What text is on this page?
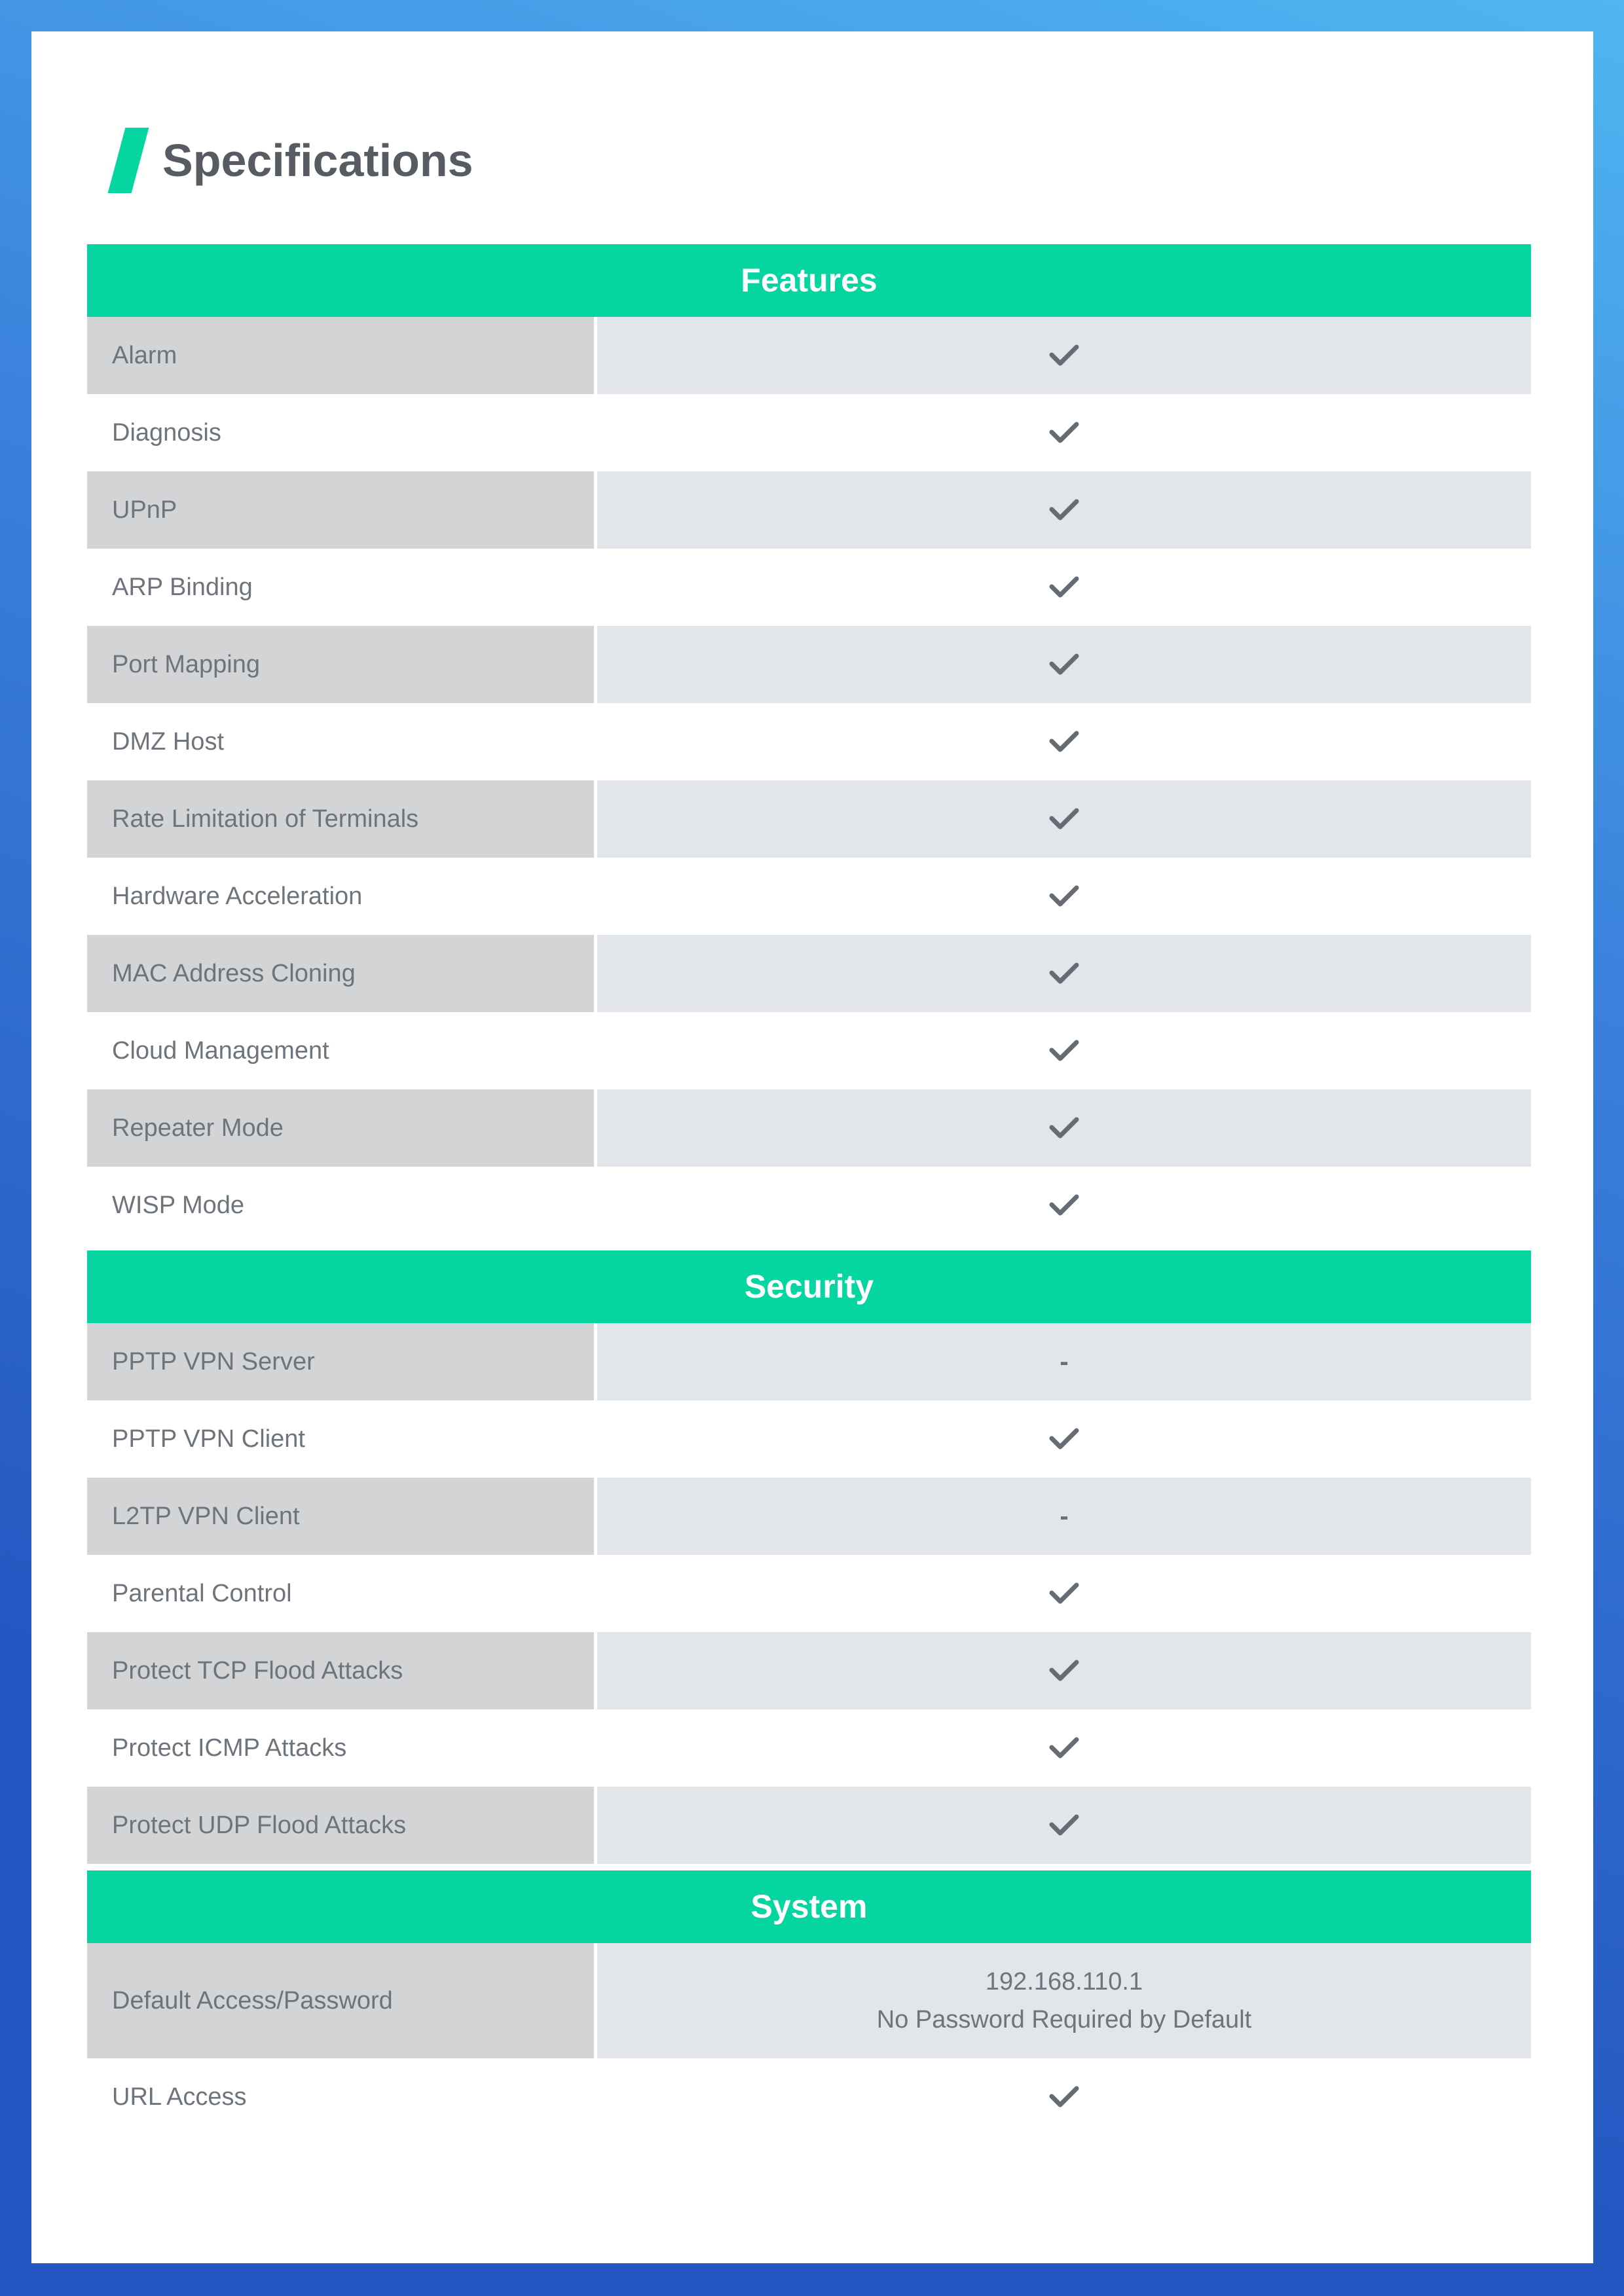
Specifications
Features
Alarm
Diagnosis
UPnP
ARP Binding
Port Mapping
DMZ Host
Rate Limitation of Terminals
Hardware Acceleration
MAC Address Cloning
Cloud Management
Repeater Mode
WISP Mode
Security
PPTP VPN Server	-
PPTP VPN Client
L2TP VPN Client	-
Parental Control
Protect TCP Flood Attacks
Protect ICMP Attacks
Protect UDP Flood Attacks
System
Default Access/Password
192.168.110.1
No Password Required by Default
URL Access
